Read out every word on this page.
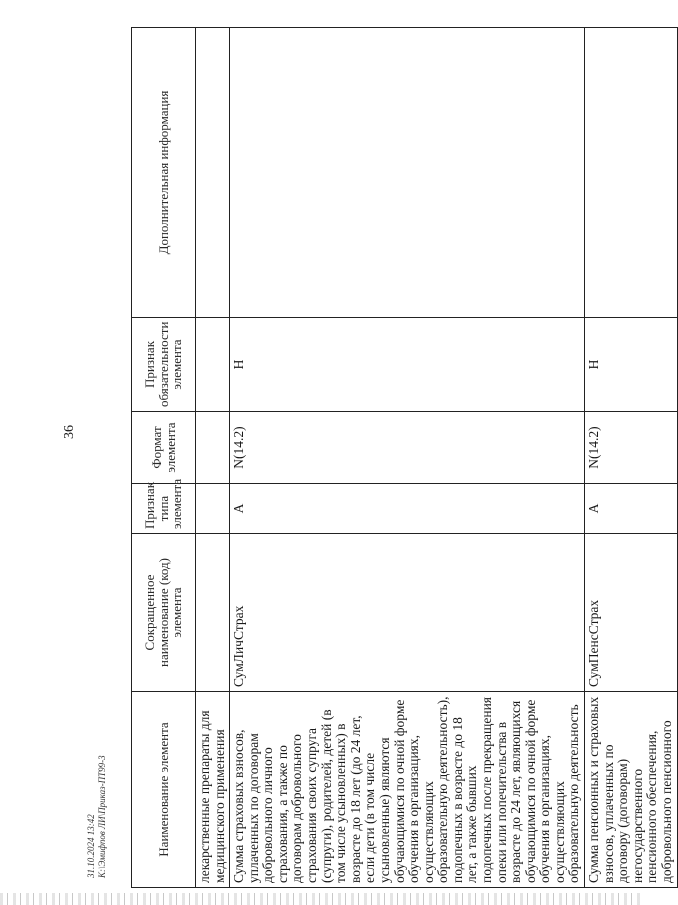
36
Наименование элемента	Сокращенное наименование (код) элемента	Признак типа элемента	Формат элемента	Признак обязательности элемента	Дополнительная информация
лекарственные препараты для медицинского применения					
Сумма страховых взносов, уплаченных по договорам добровольного личного страхования, а также по договорам добровольного страхования своих супруга (супруги), родителей, детей (в том числе усыновленных) в возрасте до 18 лет (до 24 лет, если дети (в том числе усыновленные) являются обучающимися по очной форме обучения в организациях, осуществляющих образовательную деятельность), подопечных в возрасте до 18 лет, а также бывших подопечных после прекращения опеки или попечительства в возрасте до 24 лет, являющихся обучающимися по очной форме обучения в организациях, осуществляющих образовательную деятельность	СумЛичСтрах	А	N(14.2)	Н	
Сумма пенсионных и страховых взносов, уплаченных по договору (договорам) негосударственного пенсионного обеспечения, добровольного пенсионного	СумПенсСтрах	А	N(14.2)	Н	
31.10.2024 13:42 К:\Эмифпов ЛИ\Приказ-ПТ99-3
